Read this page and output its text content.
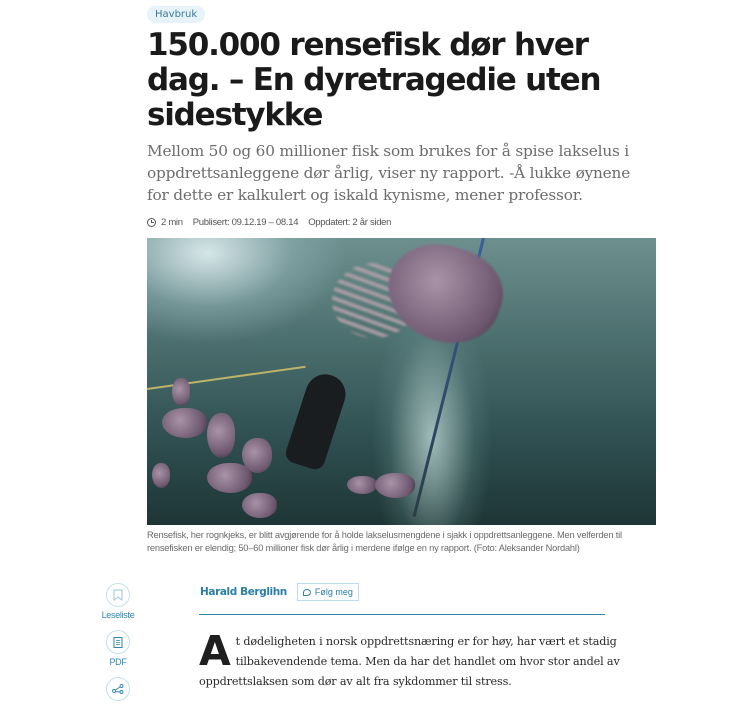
Havbruk
150.000 rensefisk dør hver dag. – En dyretragedie uten sidestykke

Mellom 50 og 60 millioner fisk som brukes for å spise lakselus i oppdrettsanleggene dør årlig, viser ny rapport. -Å lukke øynene for dette er kalkulert og iskald kynisme, mener professor.

2 min Publisert: 09.12.19 – 08.14 Oppdatert: 2 år siden

Rensefisk, her rognkjeks, er blitt avgjørende for å holde lakselusmengdene i sjakk i oppdrettsanleggene. Men velferden til rensefisken er elendig; 50–60 millioner fisk dør årlig i merdene ifølge en ny rapport. (Foto: Aleksander Nordahl)

Leseliste
PDF
Harald Berglihn	Følg meg

A t dødeligheten i norsk oppdrettsnæring er for høy, har vært et stadig tilbakevendende tema. Men da har det handlet om hvor stor andel av oppdrettslaksen som dør av alt fra sykdommer til stress.
